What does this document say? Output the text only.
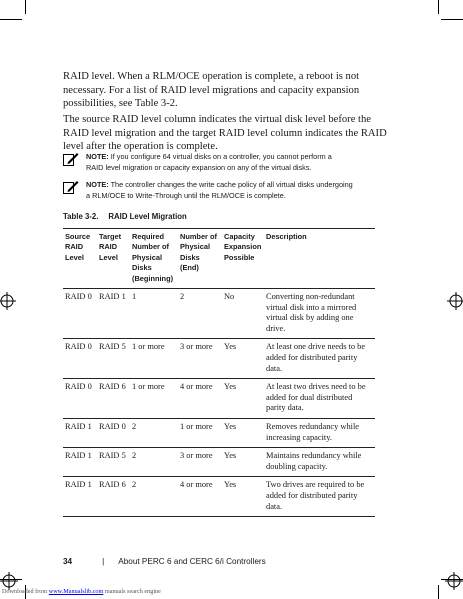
RAID level. When a RLM/OCE operation is complete, a reboot is not
necessary. For a list of RAID level migrations and capacity expansion
possibilities, see Table 3-2.

The source RAID level column indicates the virtual disk level before the
RAID level migration and the target RAID level column indicates the RAID
level after the operation is complete.

NOTE: If you configure 64 virtual disks on a controller, you cannot perform a
RAID level migration or capacity expansion on any of the virtual disks.
NOTE: The controller changes the write cache policy of all virtual disks undergoing
a RLM/OCE to Write-Through until the RLM/OCE is complete.
Table 3-2. RAID Level Migration
Source
RAID
Level	Target
RAID
Level	Required
Number of
Physical
Disks
(Beginning)	Number of
Physical
Disks
(End)	Capacity
Expansion
Possible	Description
RAID 0	RAID 1	1	2	No	Converting non-redundant
virtual disk into a mirrored
virtual disk by adding one drive.
RAID 0	RAID 5	1 or more	3 or more	Yes	At least one drive needs to be
added for distributed parity
data.
RAID 0	RAID 6	1 or more	4 or more	Yes	At least two drives need to be
added for dual distributed
parity data.
RAID 1	RAID 0	2	1 or more	Yes	Removes redundancy while
increasing capacity.
RAID 1	RAID 5	2	3 or more	Yes	Maintains redundancy while
doubling capacity.
RAID 1	RAID 6	2	4 or more	Yes	Two drives are required to be
added for distributed parity
data.
34	| About PERC 6 and CERC 6/i Controllers
Downloaded from www.Manualslib.com manuals search engine
